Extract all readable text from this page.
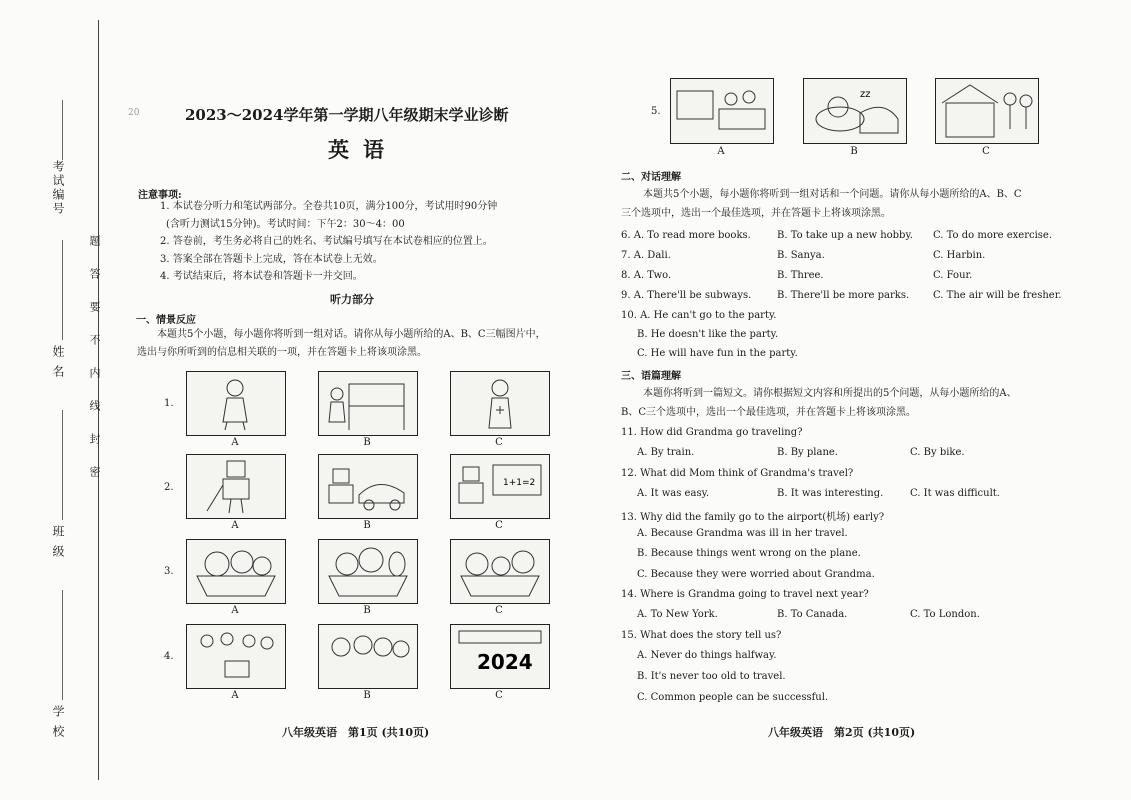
考试编号
姓 名
班 级
学 校
题答要不内线封密
20	2023～2024学年第一学期八年级期末学业诊断
英语
注意事项:
1. 本试卷分听力和笔试两部分。全卷共10页，满分100分，考试用时90分钟
(含听力测试15分钟)。考试时间：下午2：30～4：00
2. 答卷前，考生务必将自己的姓名、考试编号填写在本试卷相应的位置上。
3. 答案全部在答题卡上完成，答在本试卷上无效。
4. 考试结束后，将本试卷和答题卡一并交回。
听力部分
一、情景反应
本题共5个小题，每小题你将听到一组对话。请你从每小题所给的A、B、C三幅图片中，
选出与你所听到的信息相关联的一项，并在答题卡上将该项涂黑。
1.
2.
3.
4.
A	B	C
1+1=2
A	B	C
A	B	C
2024
A	B	C
八年级英语　第1页 (共10页)
5.
zz
A	B	C
二、对话理解
本题共5个小题，每小题你将听到一组对话和一个问题。请你从每小题所给的A、B、C
三个选项中，选出一个最佳选项，并在答题卡上将该项涂黑。
6. A. To read more books.	B. To take up a new hobby. C. To do more exercise.
7. A. Dali.	B. Sanya.	C. Harbin.
8. A. Two.	B. Three.	C. Four.
9. A. There'll be subways.	B. There'll be more parks. C. The air will be fresher.
10. A. He can't go to the party.
B. He doesn't like the party.
C. He will have fun in the party.
三、语篇理解
本题你将听到一篇短文。请你根据短文内容和所提出的5个问题，从每小题所给的A、
B、C三个选项中，选出一个最佳选项，并在答题卡上将该项涂黑。
11. How did Grandma go traveling?
A. By train.	B. By plane.	C. By bike.
12. What did Mom think of Grandma's travel?
A. It was easy.	B. It was interesting.	C. It was difficult.
13. Why did the family go to the airport(机场) early?
A. Because Grandma was ill in her travel.
B. Because things went wrong on the plane.
C. Because they were worried about Grandma.
14. Where is Grandma going to travel next year?
A. To New York.	B. To Canada.	C. To London.
15. What does the story tell us?
A. Never do things halfway.
B. It's never too old to travel.
C. Common people can be successful.
八年级英语　第2页 (共10页)
